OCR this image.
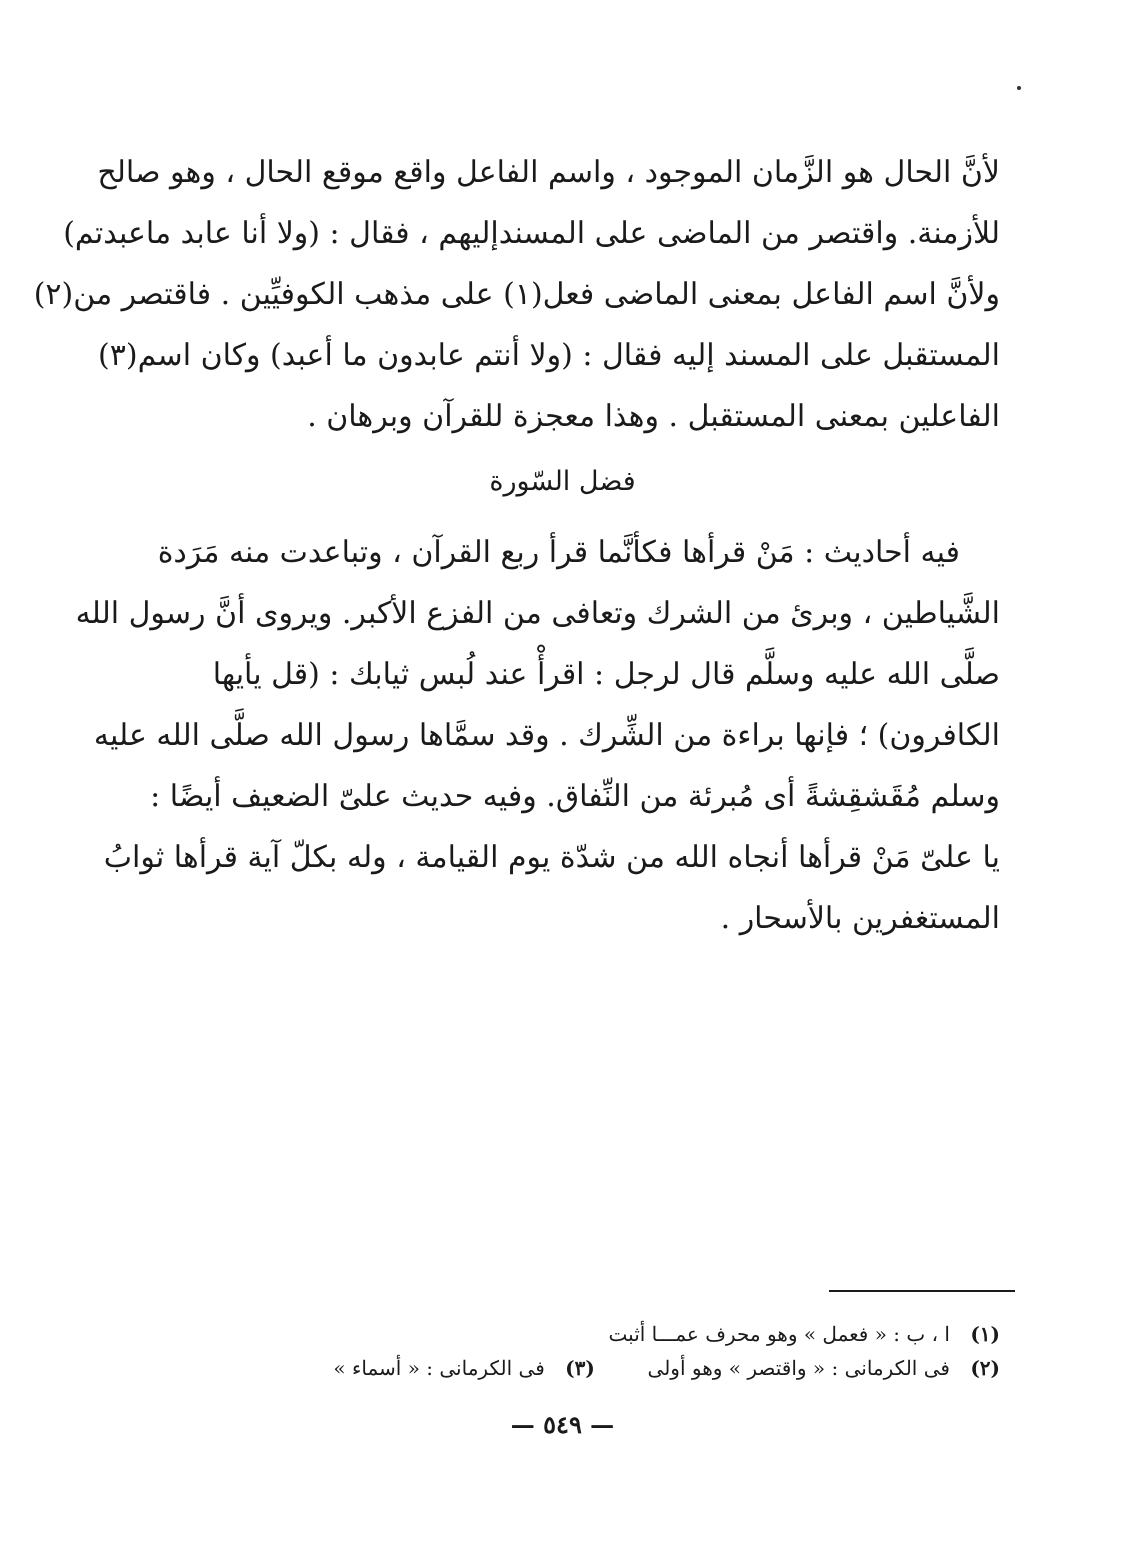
لأنَّ الحال هو الزَّمان الموجود ، واسم الفاعل واقع موقع الحال ، وهو صالح
للأزمنة. واقتصر من الماضى على المسندإليهم ، فقال : (ولا أنا عابد ماعبدتم)
ولأنَّ اسم الفاعل بمعنى الماضى فعل(١) على مذهب الكوفيِّين . فاقتصر من(٢)
المستقبل على المسند إليه فقال : (ولا أنتم عابدون ما أعبد) وكان اسم(٣)
الفاعلين بمعنى المستقبل . وهذا معجزة للقرآن وبرهان .
فضل السّورة
فيه أحاديث : مَنْ قرأها فكأنَّما قرأ ربع القرآن ، وتباعدت منه مَرَدة
الشَّياطين ، وبرئ من الشرك وتعافى من الفزع الأكبر. ويروى أنَّ رسول الله
صلَّى الله عليه وسلَّم قال لرجل : اقرأْ عند لُبس ثيابك : (قل يأيها
الكافرون) ؛ فإنها براءة من الشِّرك . وقد سمَّاها رسول الله صلَّى الله عليه
وسلم مُقَشقِشةً أى مُبرئة من النِّفاق. وفيه حديث علىّ الضعيف أيضًا :
يا علىّ مَنْ قرأها أنجاه الله من شدّة يوم القيامة ، وله بكلّ آية قرأها ثوابُ
المستغفرين بالأسحار .
(١) ا ، ب : « فعمل » وهو محرف عمـــا أثبت
(٢) فى الكرمانى : « واقتصر » وهو أولى  (٣) فى الكرمانى : « أسماء »
— ٥٤٩ —
